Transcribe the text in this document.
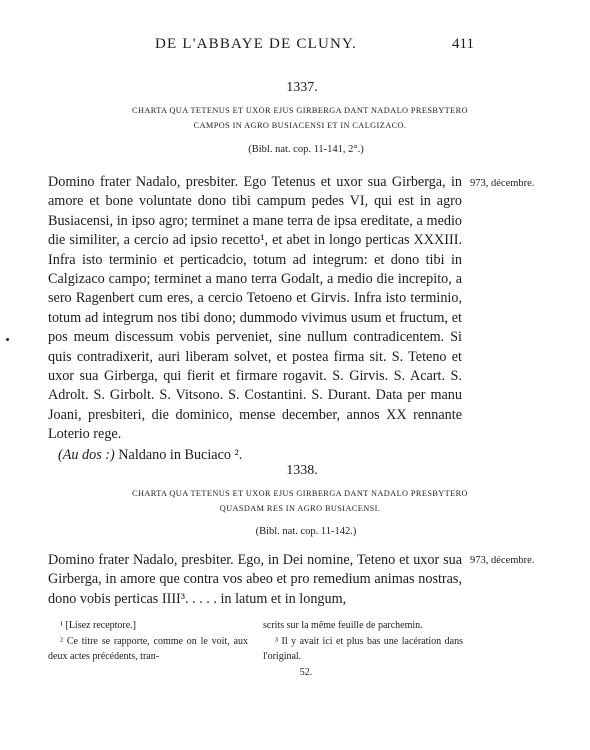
DE L'ABBAYE DE CLUNY.	411
1337.
CHARTA QUA TETENUS ET UXOR EJUS GIRBERGA DANT NADALO PRESBYTERO
CAMPOS IN AGRO BUSIACENSI ET IN CALGIZACO.
(Bibl. nat. cop. 11-141, 2°.)
973, décembre.

Domino frater Nadalo, presbiter. Ego Tetenus et uxor sua Girberga, in amore et bone voluntate dono tibi campum pedes VI, qui est in agro Busiacensi, in ipso agro; terminet a mane terra de ipsa ereditate, a medio die similiter, a cercio ad ipsio recetto¹, et abet in longo perticas XXXIII. Infra isto terminio et perticadcio, totum ad integrum: et dono tibi in Calgizaco campo; terminet a mano terra Godalt, a medio die increpito, a sero Ragenbert cum eres, a cercio Tetoeno et Girvis. Infra isto terminio, totum ad integrum nos tibi dono; dummodo vivimus usum et fructum, et pos meum discessum vobis perveniet, sine nullum contradicentem. Si quis contradixerit, auri liberam solvet, et postea firma sit. S. Teteno et uxor sua Girberga, qui fierit et firmare rogavit. S. Girvis. S. Acart. S. Adrolt. S. Girbolt. S. Vitsono. S. Costantini. S. Durant. Data per manu Joani, presbiteri, die dominico, mense december, annos XX rennante Loterio rege.

(Au dos :) Naldano in Buciaco ².

1338.
CHARTA QUA TETENUS ET UXOR EJUS GIRBERGA DANT NADALO PRESBYTERO
QUASDAM RES IN AGRO BUSIACENSI.
(Bibl. nat. cop. 11-142.)
973, décembre.

Domino frater Nadalo, presbiter. Ego, in Dei nomine, Teteno et uxor sua Girberga, in amore que contra vos abeo et pro remedium animas nostras, dono vobis perticas IIII³. . . . . in latum et in longum,

¹ [Lisez receptore.]

² Ce titre se rapporte, comme on le voit, aux deux actes précédents, tran-

scrits sur la même feuille de parchemin.

³ Il y avait ici et plus bas une lacération dans l'original.

52.
